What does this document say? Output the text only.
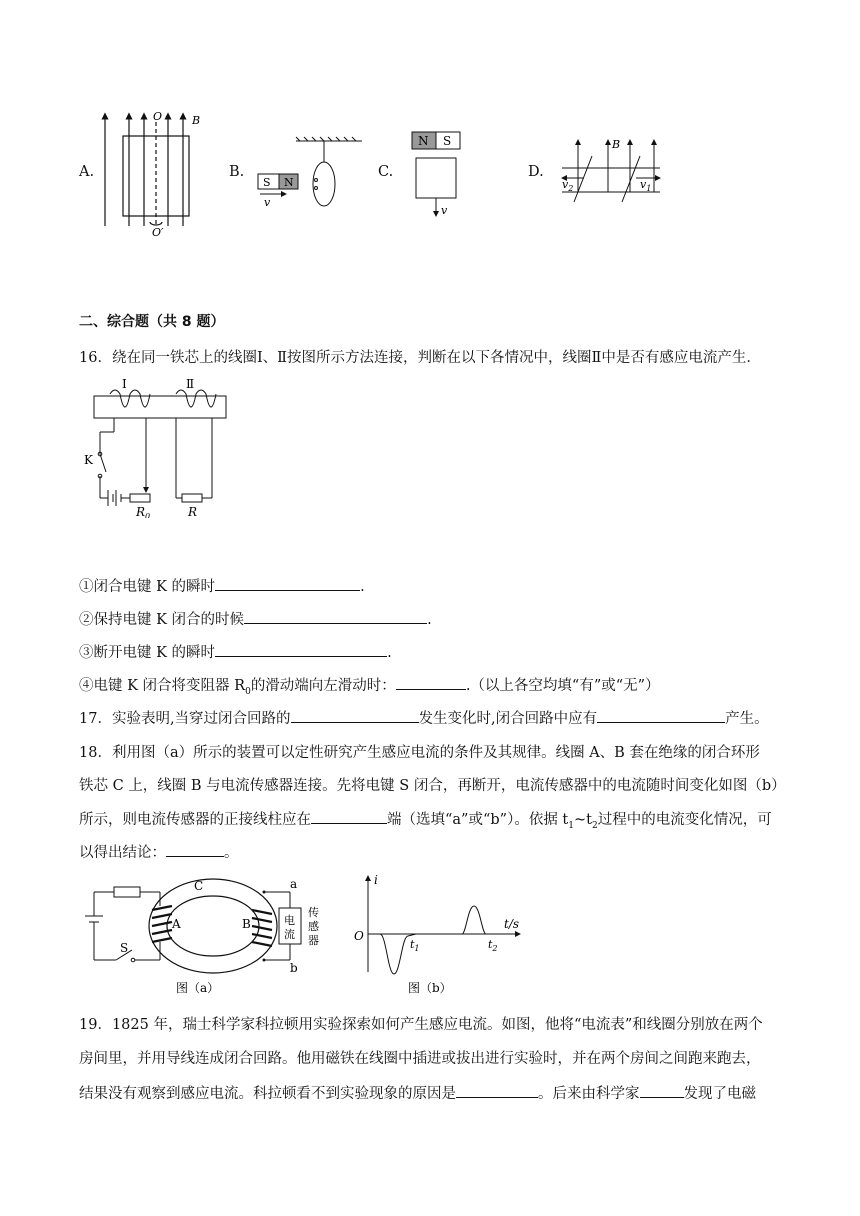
A.
O	B
O′
B.
S N
v
C.
N S
v
D.
B
$v_2$	$v_1$
二、综合题（共 8 题）
16．绕在同一铁芯上的线圈Ⅰ、Ⅱ按图所示方法连接，判断在以下各情况中，线圈Ⅱ中是否有感应电流产生．
Ⅰ	Ⅱ
K
$R_0$	R
①闭合电键 K 的瞬时	.
②保持电键 K 闭合的时候	.
③断开电键 K 的瞬时	.
④电键 K 闭合将变阻器 $R_0$的滑动端向左滑动时：	.（以上各空均填“有”或“无”）
17．实验表明,当穿过闭合回路的	发生变化时,闭合回路中应有	产生。
18．利用图（a）所示的装置可以定性研究产生感应电流的条件及其规律。线圈 A、B 套在绝缘的闭合环形
铁芯 C 上，线圈 B 与电流传感器连接。先将电键 S 闭合，再断开，电流传感器中的电流随时间变化如图（b）
所示，则电流传感器的正接线柱应在	端（选填“a”或“b”）。依据 $t_1\sim t_2$过程中的电流变化情况，可
以得出结论：	。
C
A	B
S
a
b
电
流
传
感
器
图（a）
i
O
t/s
$t_1$	$t_2$
图（b）
19．1825 年，瑞士科学家科拉顿用实验探索如何产生感应电流。如图，他将“电流表”和线圈分别放在两个
房间里，并用导线连成闭合回路。他用磁铁在线圈中插进或拔出进行实验时，并在两个房间之间跑来跑去，
结果没有观察到感应电流。科拉顿看不到实验现象的原因是	。后来由科学家	发现了电磁
